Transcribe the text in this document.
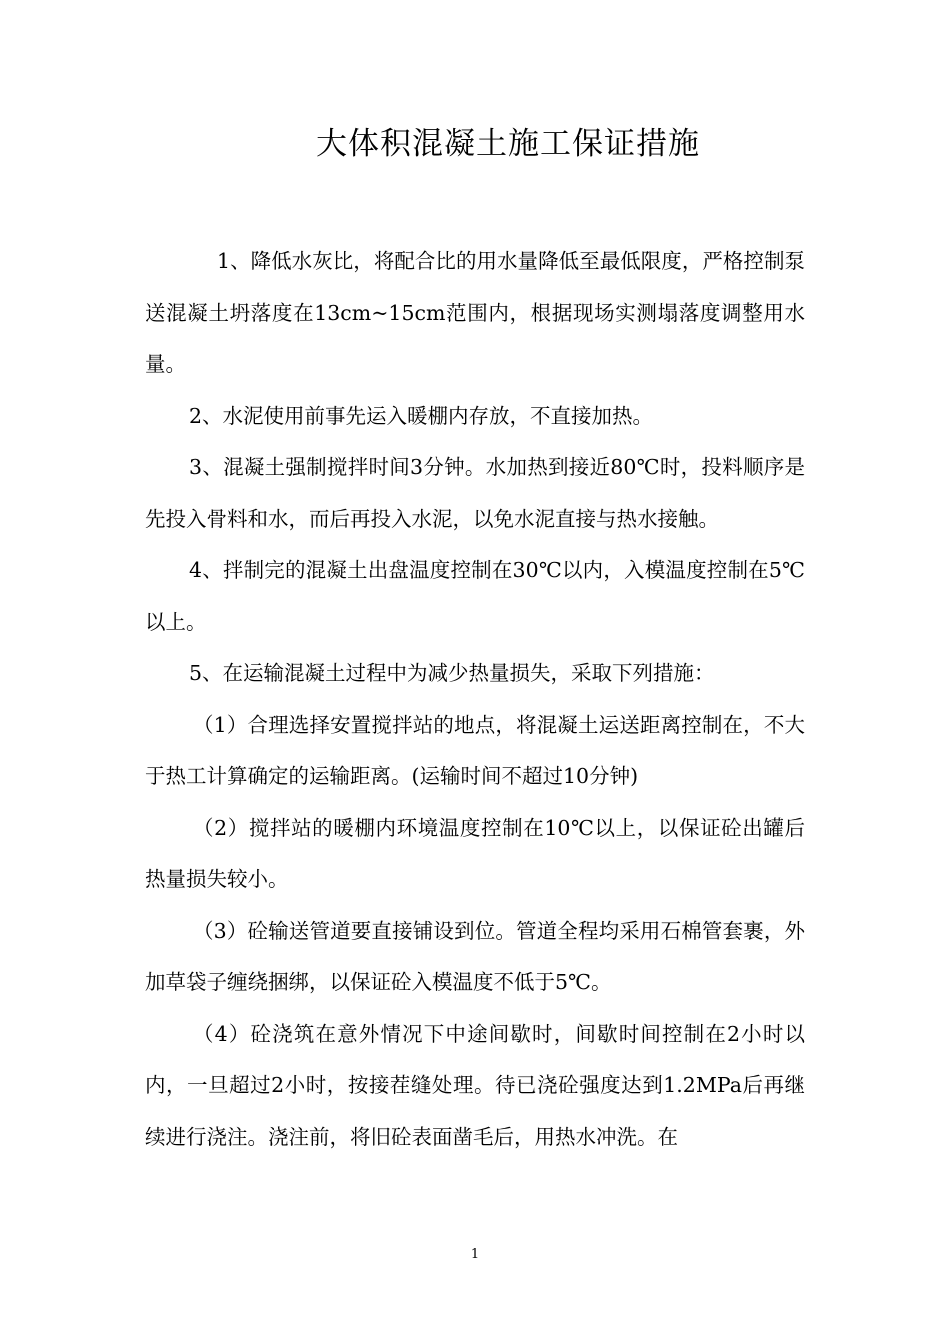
大体积混凝土施工保证措施

1、降低水灰比，将配合比的用水量降低至最低限度，严格控制泵送混凝土坍落度在13cm~15cm范围内，根据现场实测塌落度调整用水量。

2、水泥使用前事先运入暖棚内存放，不直接加热。

3、混凝土强制搅拌时间3分钟。水加热到接近80℃时，投料顺序是先投入骨料和水，而后再投入水泥，以免水泥直接与热水接触。

4、拌制完的混凝土出盘温度控制在30℃以内，入模温度控制在5℃以上。

5、在运输混凝土过程中为减少热量损失，采取下列措施：

（1）合理选择安置搅拌站的地点，将混凝土运送距离控制在，不大于热工计算确定的运输距离。(运输时间不超过10分钟)

（2）搅拌站的暖棚内环境温度控制在10℃以上，以保证砼出罐后热量损失较小。

（3）砼输送管道要直接铺设到位。管道全程均采用石棉管套裹，外加草袋子缠绕捆绑，以保证砼入模温度不低于5℃。

（4）砼浇筑在意外情况下中途间歇时，间歇时间控制在2小时以内，一旦超过2小时，按接茬缝处理。待已浇砼强度达到1.2MPa后再继续进行浇注。浇注前，将旧砼表面凿毛后，用热水冲洗。在

1
